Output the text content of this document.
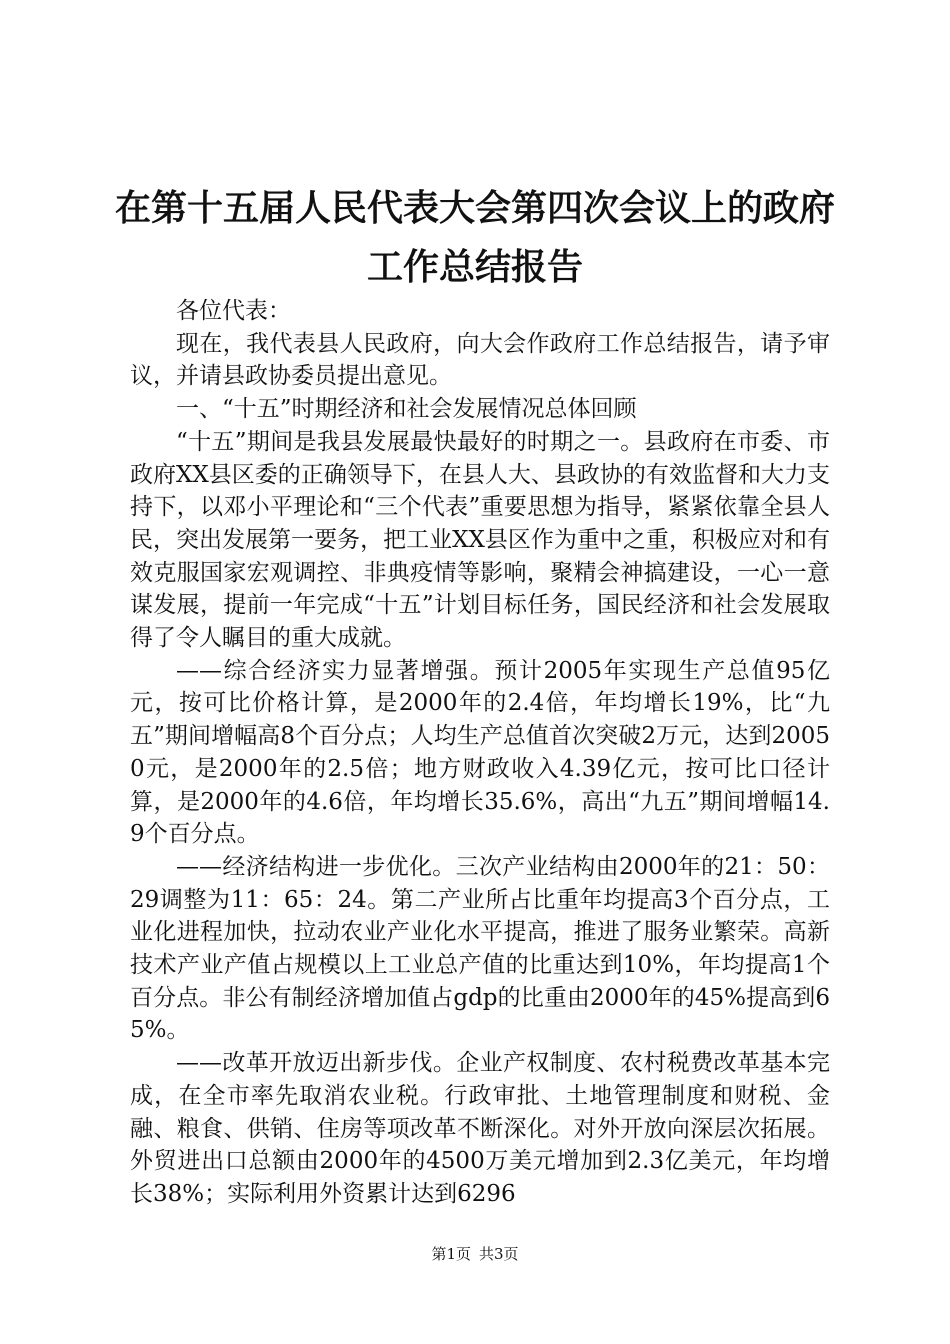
在第十五届人民代表大会第四次会议上的政府
工作总结报告

各位代表：

现在，我代表县人民政府，向大会作政府工作总结报告，请予审议，并请县政协委员提出意见。

一、“十五”时期经济和社会发展情况总体回顾

“十五”期间是我县发展最快最好的时期之一。县政府在市委、市政府XX县区委的正确领导下，在县人大、县政协的有效监督和大力支持下，以邓小平理论和“三个代表”重要思想为指导，紧紧依靠全县人民，突出发展第一要务，把工业XX县区作为重中之重，积极应对和有效克服国家宏观调控、非典疫情等影响，聚精会神搞建设，一心一意谋发展，提前一年完成“十五”计划目标任务，国民经济和社会发展取得了令人瞩目的重大成就。

——综合经济实力显著增强。预计2005年实现生产总值95亿元，按可比价格计算，是2000年的2.4倍，年均增长19%，比“九五”期间增幅高8个百分点；人均生产总值首次突破2万元，达到20050元，是2000年的2.5倍；地方财政收入4.39亿元，按可比口径计算，是2000年的4.6倍，年均增长35.6%，高出“九五”期间增幅14.9个百分点。

——经济结构进一步优化。三次产业结构由2000年的21：50：29调整为11：65：24。第二产业所占比重年均提高3个百分点，工业化进程加快，拉动农业产业化水平提高，推进了服务业繁荣。高新技术产业产值占规模以上工业总产值的比重达到10%，年均提高1个百分点。非公有制经济增加值占gdp的比重由2000年的45%提高到65%。

——改革开放迈出新步伐。企业产权制度、农村税费改革基本完成，在全市率先取消农业税。行政审批、土地管理制度和财税、金融、粮食、供销、住房等项改革不断深化。对外开放向深层次拓展。外贸进出口总额由2000年的4500万美元增加到2.3亿美元，年均增长38%；实际利用外资累计达到6296

第1页 共3页
